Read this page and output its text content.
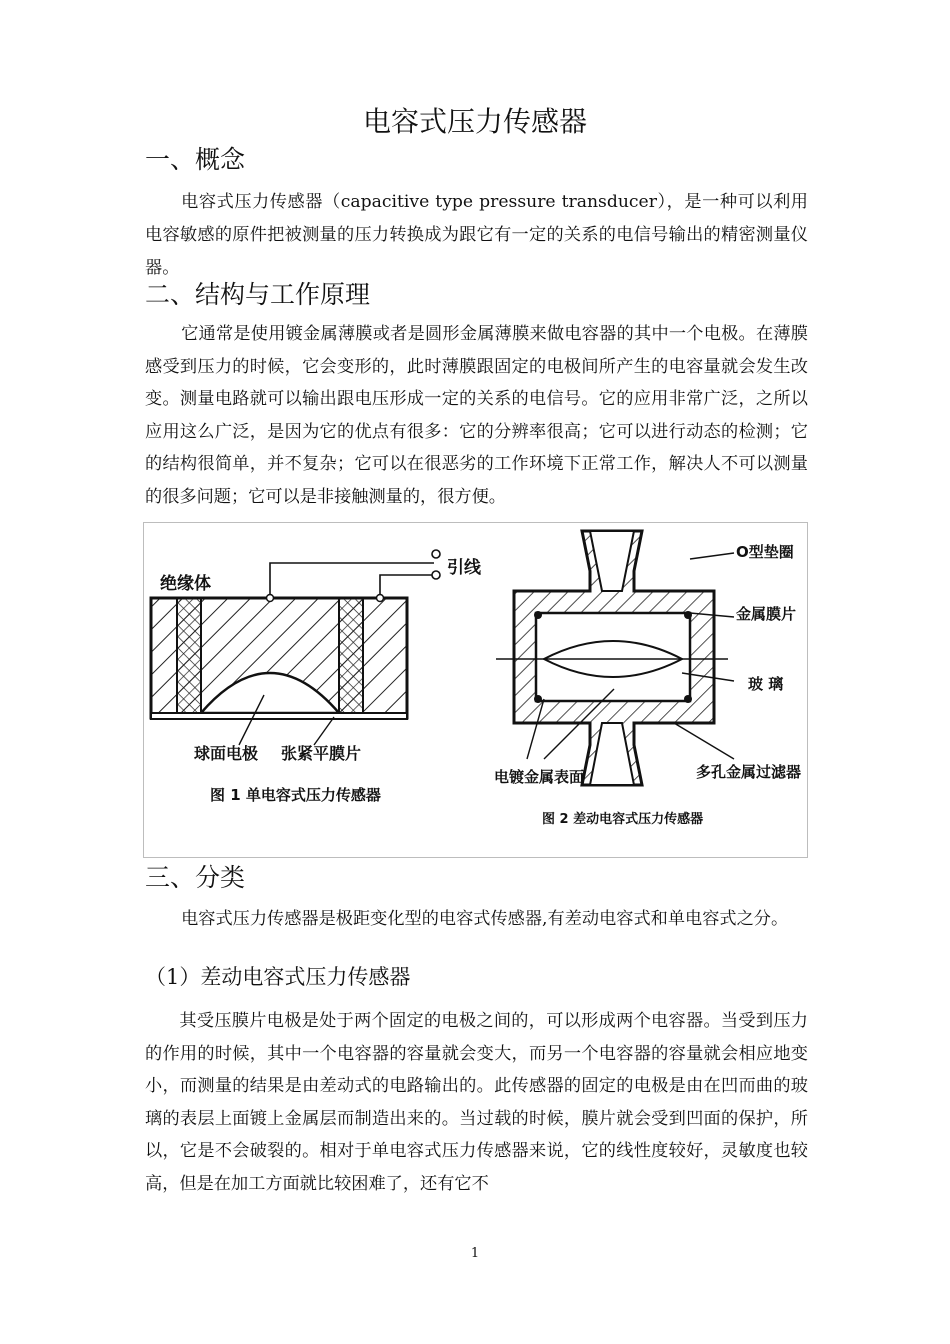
电容式压力传感器
一、概念
电容式压力传感器（capacitive type pressure transducer），是一种可以利用电容敏感的原件把被测量的压力转换成为跟它有一定的关系的电信号输出的精密测量仪器。
二、结构与工作原理
它通常是使用镀金属薄膜或者是圆形金属薄膜来做电容器的其中一个电极。在薄膜感受到压力的时候，它会变形的，此时薄膜跟固定的电极间所产生的电容量就会发生改变。测量电路就可以输出跟电压形成一定的关系的电信号。它的应用非常广泛，之所以应用这么广泛，是因为它的优点有很多：它的分辨率很高；它可以进行动态的检测；它的结构很简单，并不复杂；它可以在很恶劣的工作环境下正常工作，解决人不可以测量的很多问题；它可以是非接触测量的，很方便。
引线
绝缘体
球面电极 张紧平膜片
图 1 单电容式压力传感器
O型垫圈
金属膜片
玻 璃
电镀金属表面	多孔金属过滤器
图 2 差动电容式压力传感器
三、分类
电容式压力传感器是极距变化型的电容式传感器,有差动电容式和单电容式之分。
（1）差动电容式压力传感器
其受压膜片电极是处于两个固定的电极之间的，可以形成两个电容器。当受到压力的作用的时候，其中一个电容器的容量就会变大，而另一个电容器的容量就会相应地变小，而测量的结果是由差动式的电路输出的。此传感器的固定的电极是由在凹而曲的玻璃的表层上面镀上金属层而制造出来的。当过载的时候，膜片就会受到凹面的保护，所以，它是不会破裂的。相对于单电容式压力传感器来说，它的线性度较好，灵敏度也较高，但是在加工方面就比较困难了，还有它不
1
